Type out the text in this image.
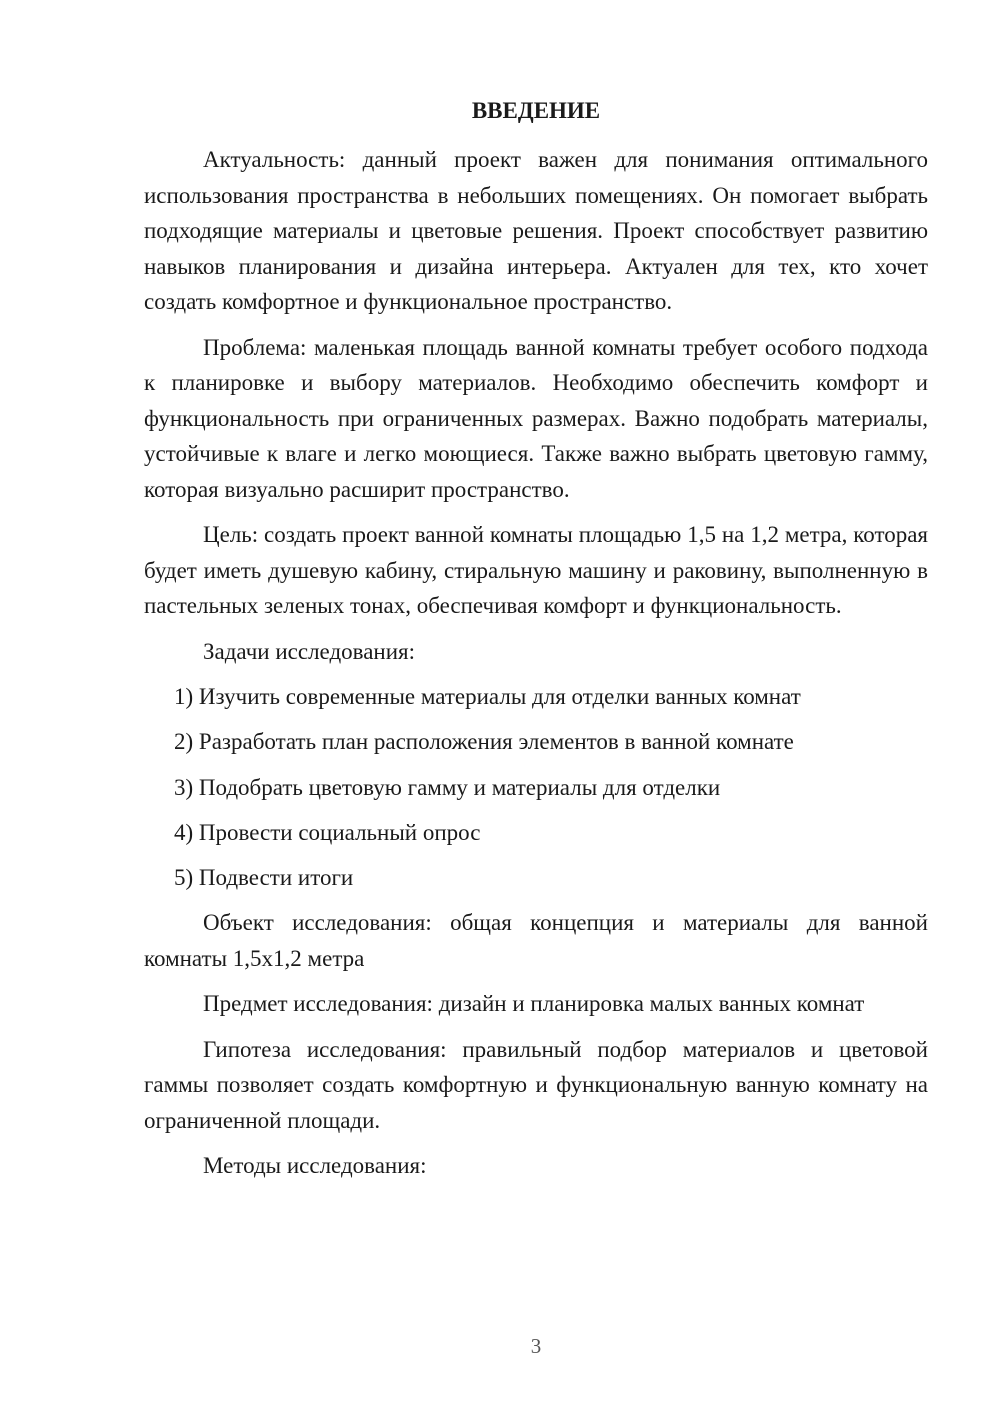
ВВЕДЕНИЕ

Актуальность: данный проект важен для понимания оптимального использования пространства в небольших помещениях. Он помогает выбрать подходящие материалы и цветовые решения. Проект способствует развитию навыков планирования и дизайна интерьера. Актуален для тех, кто хочет создать комфортное и функциональное пространство.

Проблема: маленькая площадь ванной комнаты требует особого подхода к планировке и выбору материалов. Необходимо обеспечить комфорт и функциональность при ограниченных размерах. Важно подобрать материалы, устойчивые к влаге и легко моющиеся. Также важно выбрать цветовую гамму, которая визуально расширит пространство.

Цель: создать проект ванной комнаты площадью 1,5 на 1,2 метра, которая будет иметь душевую кабину, стиральную машину и раковину, выполненную в пастельных зеленых тонах, обеспечивая комфорт и функциональность.

Задачи исследования:

1) Изучить современные материалы для отделки ванных комнат
2) Разработать план расположения элементов в ванной комнате
3) Подобрать цветовую гамму и материалы для отделки
4) Провести социальный опрос
5) Подвести итоги

Объект исследования: общая концепция и материалы для ванной комнаты 1,5х1,2 метра

Предмет исследования: дизайн и планировка малых ванных комнат

Гипотеза исследования: правильный подбор материалов и цветовой гаммы позволяет создать комфортную и функциональную ванную комнату на ограниченной площади.

Методы исследования:

3
